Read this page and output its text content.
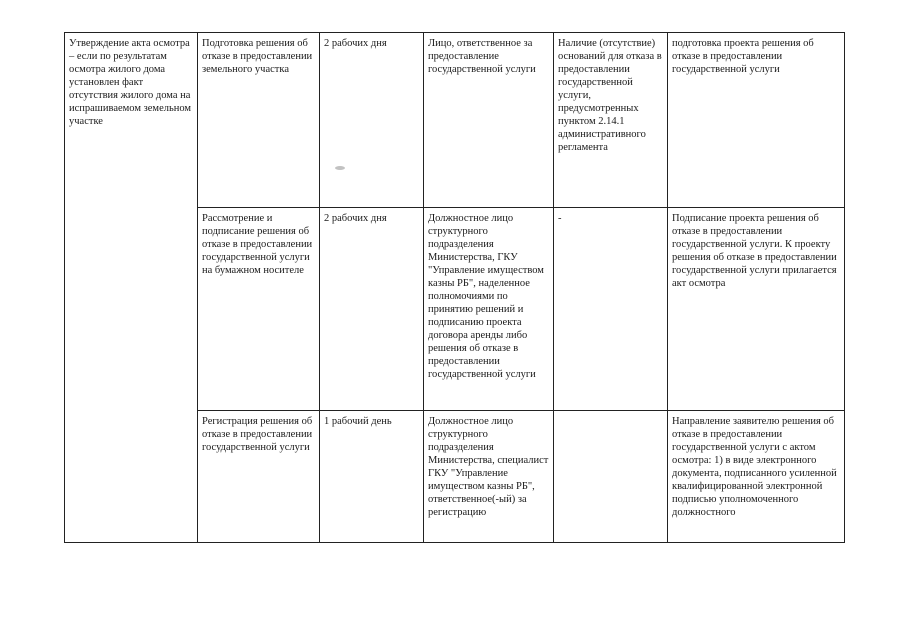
Утверждение акта осмотра – если по результатам осмотра жилого дома установлен факт отсутствия жилого дома на испрашиваемом земельном участке	Подготовка решения об отказе в предоставлении земельного участка	2 рабочих дня	Лицо, ответственное за предоставление государственной услуги	Наличие (отсутствие) оснований для отказа в предоставлении государственной услуги, предусмотренных пунктом 2.14.1 административного регламента	подготовка проекта решения об отказе в предоставлении государственной услуги

	Рассмотрение и подписание решения об отказе в предоставлении государственной услуги на бумажном носителе	2 рабочих дня	Должностное лицо структурного подразделения Министерства, ГКУ "Управление имуществом казны РБ", наделенное полномочиями по принятию решений и подписанию проекта договора аренды либо решения об отказе в предоставлении государственной услуги	-	Подписание проекта решения об отказе в предоставлении государственной услуги. К проекту решения об отказе в предоставлении государственной услуги прилагается акт осмотра

	Регистрация решения об отказе в предоставлении государственной услуги	1 рабочий день	Должностное лицо структурного подразделения Министерства, специалист ГКУ "Управление имуществом казны РБ", ответственное(-ый) за регистрацию		Направление заявителю решения об отказе в предоставлении государственной услуги с актом осмотра: 1) в виде электронного документа, подписанного усиленной квалифицированной электронной подписью уполномоченного должностного
